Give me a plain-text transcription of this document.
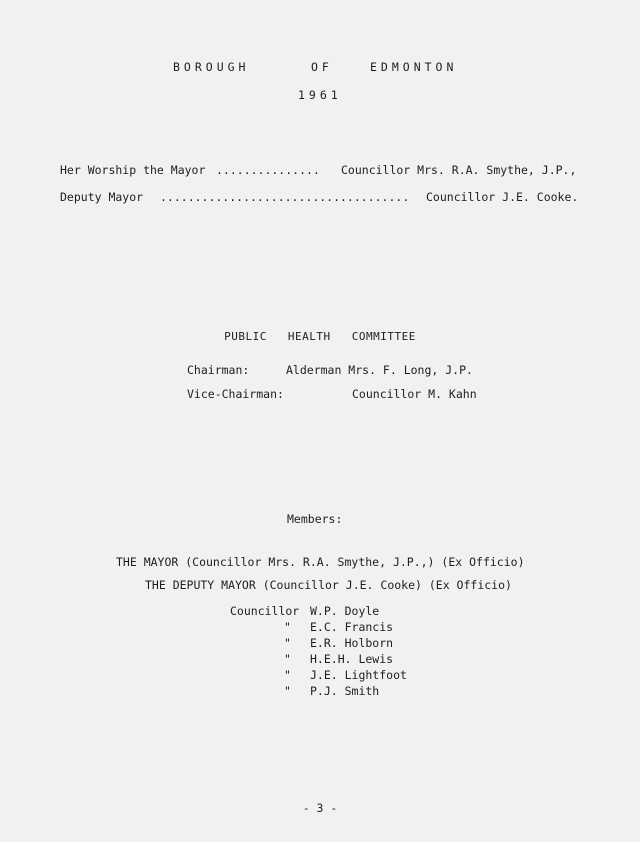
BOROUGH	OF	EDMONTON
1961
Her Worship the Mayor ............... Councillor Mrs. R.A. Smythe, J.P.,
Deputy Mayor .................................... Councillor J.E. Cooke.
PUBLIC HEALTH COMMITTEE
Chairman:	Alderman Mrs. F. Long, J.P.
Vice-Chairman:	Councillor M. Kahn
Members:
THE MAYOR (Councillor Mrs. R.A. Smythe, J.P.,) (Ex Officio)
THE DEPUTY MAYOR (Councillor J.E. Cooke) (Ex Officio)
Councillor W.P. Doyle
" E.C. Francis
" E.R. Holborn
" H.E.H. Lewis
" J.E. Lightfoot
" P.J. Smith
- 3 -
